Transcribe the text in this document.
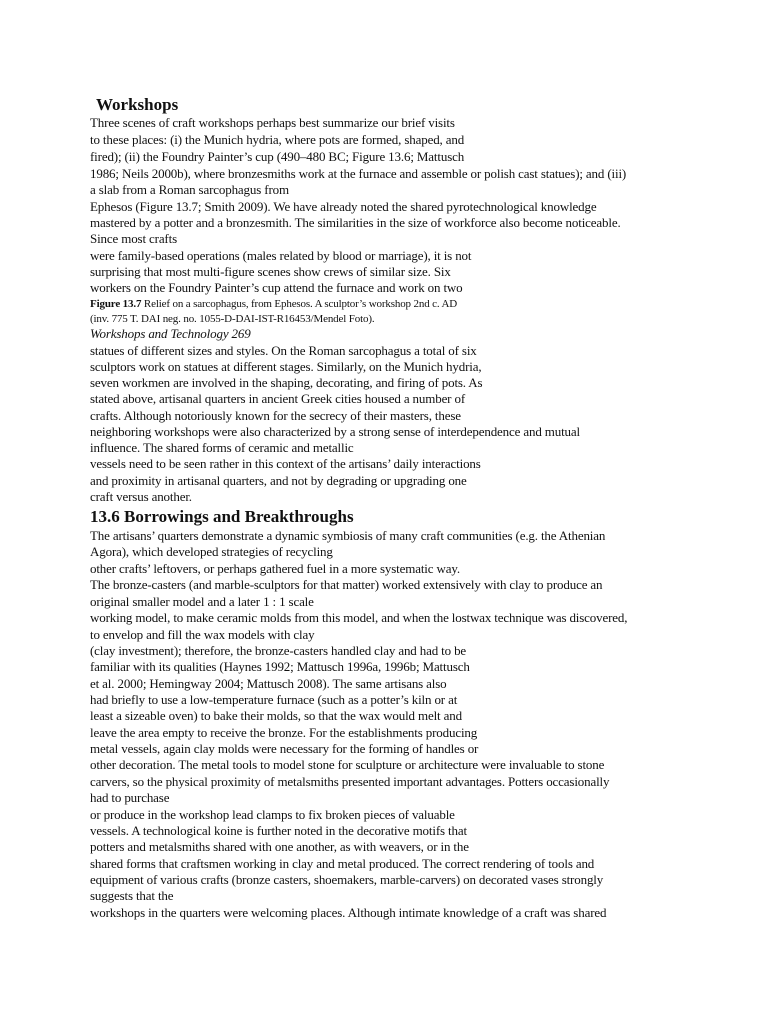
Workshops
Three scenes of craft workshops perhaps best summarize our brief visits
to these places: (i) the Munich hydria, where pots are formed, shaped, and
fired); (ii) the Foundry Painter’s cup (490–480 BC; Figure 13.6; Mattusch
1986; Neils 2000b), where bronzesmiths work at the furnace and assemble or polish cast statues); and (iii)
a slab from a Roman sarcophagus from
Ephesos (Figure 13.7; Smith 2009). We have already noted the shared pyrotechnological knowledge
mastered by a potter and a bronzesmith. The similarities in the size of workforce also become noticeable.
Since most crafts
were family-based operations (males related by blood or marriage), it is not
surprising that most multi-figure scenes show crews of similar size. Six
workers on the Foundry Painter’s cup attend the furnace and work on two
Figure 13.7 Relief on a sarcophagus, from Ephesos. A sculptor’s workshop 2nd c. AD
(inv. 775 T. DAI neg. no. 1055-D-DAI-IST-R16453/Mendel Foto).
Workshops and Technology 269
statues of different sizes and styles. On the Roman sarcophagus a total of six
sculptors work on statues at different stages. Similarly, on the Munich hydria,
seven workmen are involved in the shaping, decorating, and firing of pots. As
stated above, artisanal quarters in ancient Greek cities housed a number of
crafts. Although notoriously known for the secrecy of their masters, these
neighboring workshops were also characterized by a strong sense of interdependence and mutual
influence. The shared forms of ceramic and metallic
vessels need to be seen rather in this context of the artisans’ daily interactions
and proximity in artisanal quarters, and not by degrading or upgrading one
craft versus another.
13.6 Borrowings and Breakthroughs
The artisans’ quarters demonstrate a dynamic symbiosis of many craft communities (e.g. the Athenian
Agora), which developed strategies of recycling
other crafts’ leftovers, or perhaps gathered fuel in a more systematic way.
The bronze-casters (and marble-sculptors for that matter) worked extensively with clay to produce an
original smaller model and a later 1 : 1 scale
working model, to make ceramic molds from this model, and when the lostwax technique was discovered,
to envelop and fill the wax models with clay
(clay investment); therefore, the bronze-casters handled clay and had to be
familiar with its qualities (Haynes 1992; Mattusch 1996a, 1996b; Mattusch
et al. 2000; Hemingway 2004; Mattusch 2008). The same artisans also
had briefly to use a low-temperature furnace (such as a potter’s kiln or at
least a sizeable oven) to bake their molds, so that the wax would melt and
leave the area empty to receive the bronze. For the establishments producing
metal vessels, again clay molds were necessary for the forming of handles or
other decoration. The metal tools to model stone for sculpture or architecture were invaluable to stone
carvers, so the physical proximity of metalsmiths presented important advantages. Potters occasionally
had to purchase
or produce in the workshop lead clamps to fix broken pieces of valuable
vessels. A technological koine is further noted in the decorative motifs that
potters and metalsmiths shared with one another, as with weavers, or in the
shared forms that craftsmen working in clay and metal produced. The correct rendering of tools and
equipment of various crafts (bronze casters, shoemakers, marble-carvers) on decorated vases strongly
suggests that the
workshops in the quarters were welcoming places. Although intimate knowledge of a craft was shared
